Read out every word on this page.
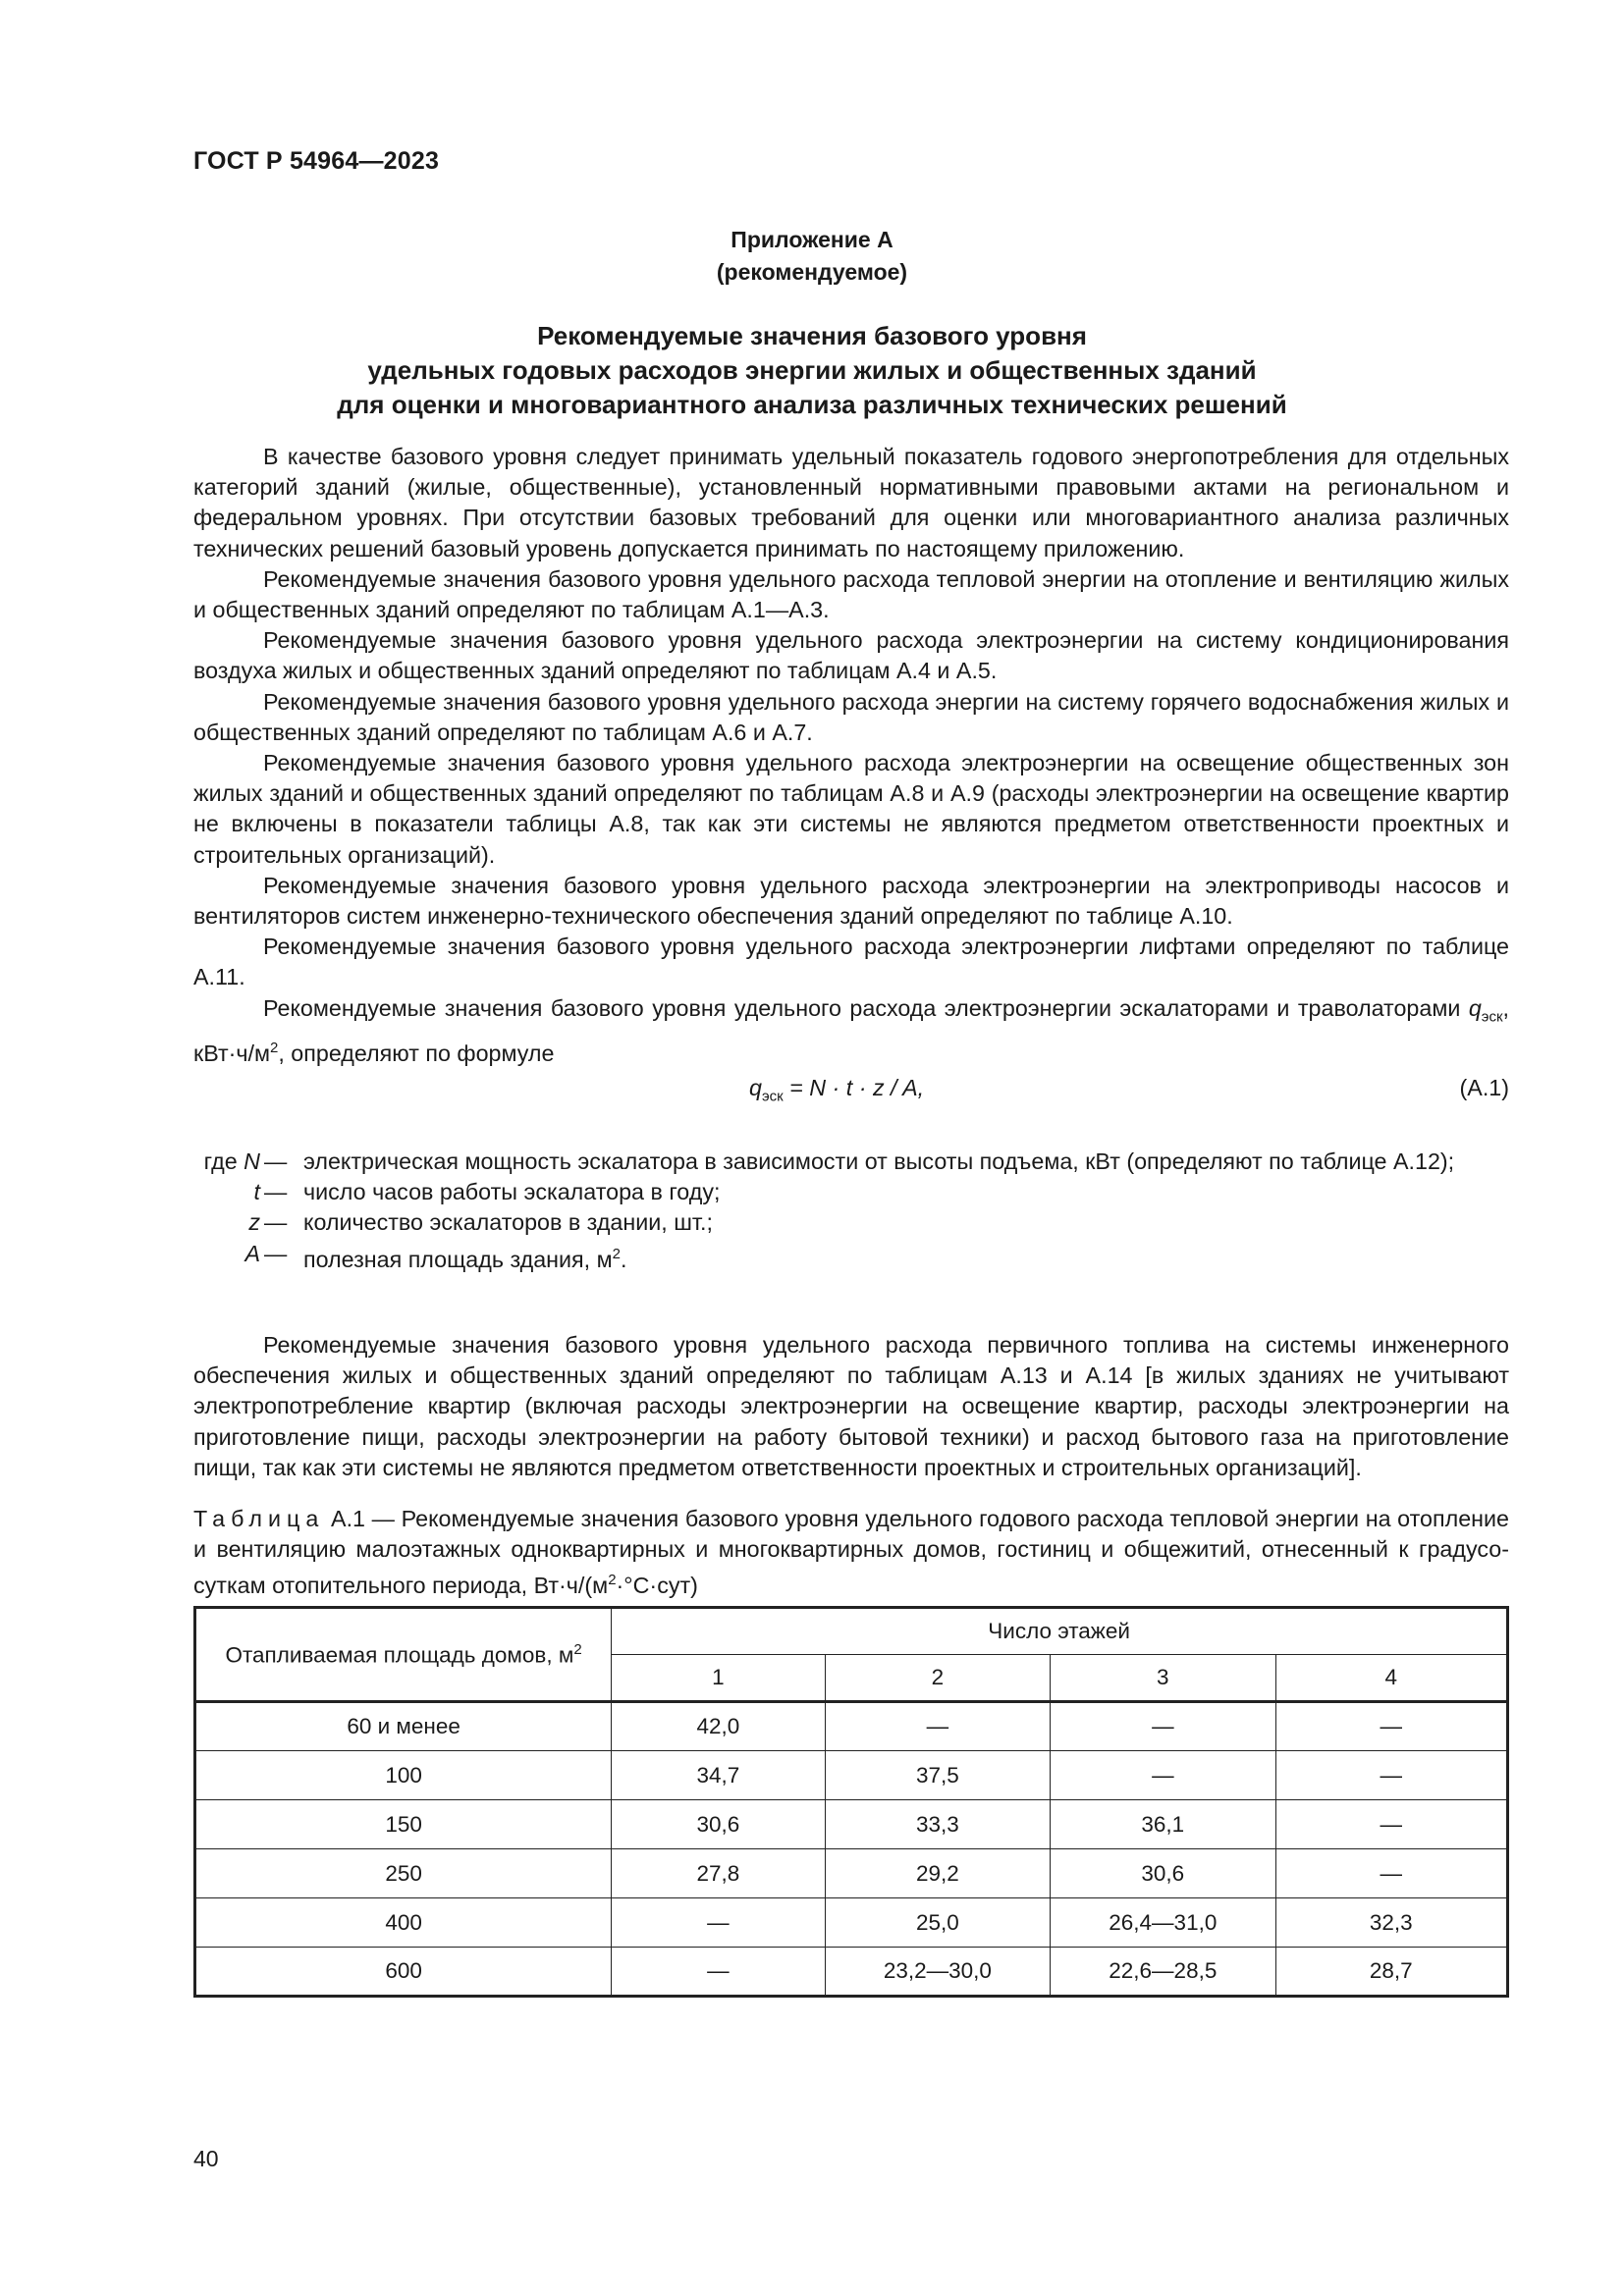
ГОСТ Р 54964—2023
Приложение А
(рекомендуемое)
Рекомендуемые значения базового уровня
удельных годовых расходов энергии жилых и общественных зданий
для оценки и многовариантного анализа различных технических решений

В качестве базового уровня следует принимать удельный показатель годового энергопотребления для отдельных категорий зданий (жилые, общественные), установленный нормативными правовыми актами на региональном и федеральном уровнях. При отсутствии базовых требований для оценки или многовариантного анализа различных технических решений базовый уровень допускается принимать по настоящему приложению.

Рекомендуемые значения базового уровня удельного расхода тепловой энергии на отопление и вентиляцию жилых и общественных зданий определяют по таблицам А.1—А.3.

Рекомендуемые значения базового уровня удельного расхода электроэнергии на систему кондиционирования воздуха жилых и общественных зданий определяют по таблицам А.4 и А.5.

Рекомендуемые значения базового уровня удельного расхода энергии на систему горячего водоснабжения жилых и общественных зданий определяют по таблицам А.6 и А.7.

Рекомендуемые значения базового уровня удельного расхода электроэнергии на освещение общественных зон жилых зданий и общественных зданий определяют по таблицам А.8 и А.9 (расходы электроэнергии на освещение квартир не включены в показатели таблицы А.8, так как эти системы не являются предметом ответственности проектных и строительных организаций).

Рекомендуемые значения базового уровня удельного расхода электроэнергии на электроприводы насосов и вентиляторов систем инженерно-технического обеспечения зданий определяют по таблице А.10.

Рекомендуемые значения базового уровня удельного расхода электроэнергии лифтами определяют по таблице А.11.

Рекомендуемые значения базового уровня удельного расхода электроэнергии эскалаторами и траволаторами $q_{эск}$, $кВт\cdot ч/м^2$, определяют по формуле

$q_{эск} = N \cdot t \cdot z / A$,	(А.1)
где N — электрическая мощность эскалатора в зависимости от высоты подъема, кВт (определяют по таблице А.12);
t — число часов работы эскалатора в году;
z — количество эскалаторов в здании, шт.;
A — полезная площадь здания, $м^2$.

Рекомендуемые значения базового уровня удельного расхода первичного топлива на системы инженерного обеспечения жилых и общественных зданий определяют по таблицам А.13 и А.14 [в жилых зданиях не учитывают электропотребление квартир (включая расходы электроэнергии на освещение квартир, расходы электроэнергии на приготовление пищи, расходы электроэнергии на работу бытовой техники) и расход бытового газа на приготовление пищи, так как эти системы не являются предметом ответственности проектных и строительных организаций].

Таблица А.1 — Рекомендуемые значения базового уровня удельного годового расхода тепловой энергии на отопление и вентиляцию малоэтажных одноквартирных и многоквартирных домов, гостиниц и общежитий, отнесенный к градусо-суткам отопительного периода, $Вт\cdot ч/(м^2\cdot^\circ С\cdot сут)$
Отапливаемая площадь домов, $м^2$	Число этажей			
	1	2	3	4
60 и менее	42,0	—	—	—
100	34,7	37,5	—	—
150	30,6	33,3	36,1	—
250	27,8	29,2	30,6	—
400	—	25,0	26,4—31,0	32,3
600	—	23,2—30,0	22,6—28,5	28,7
40
